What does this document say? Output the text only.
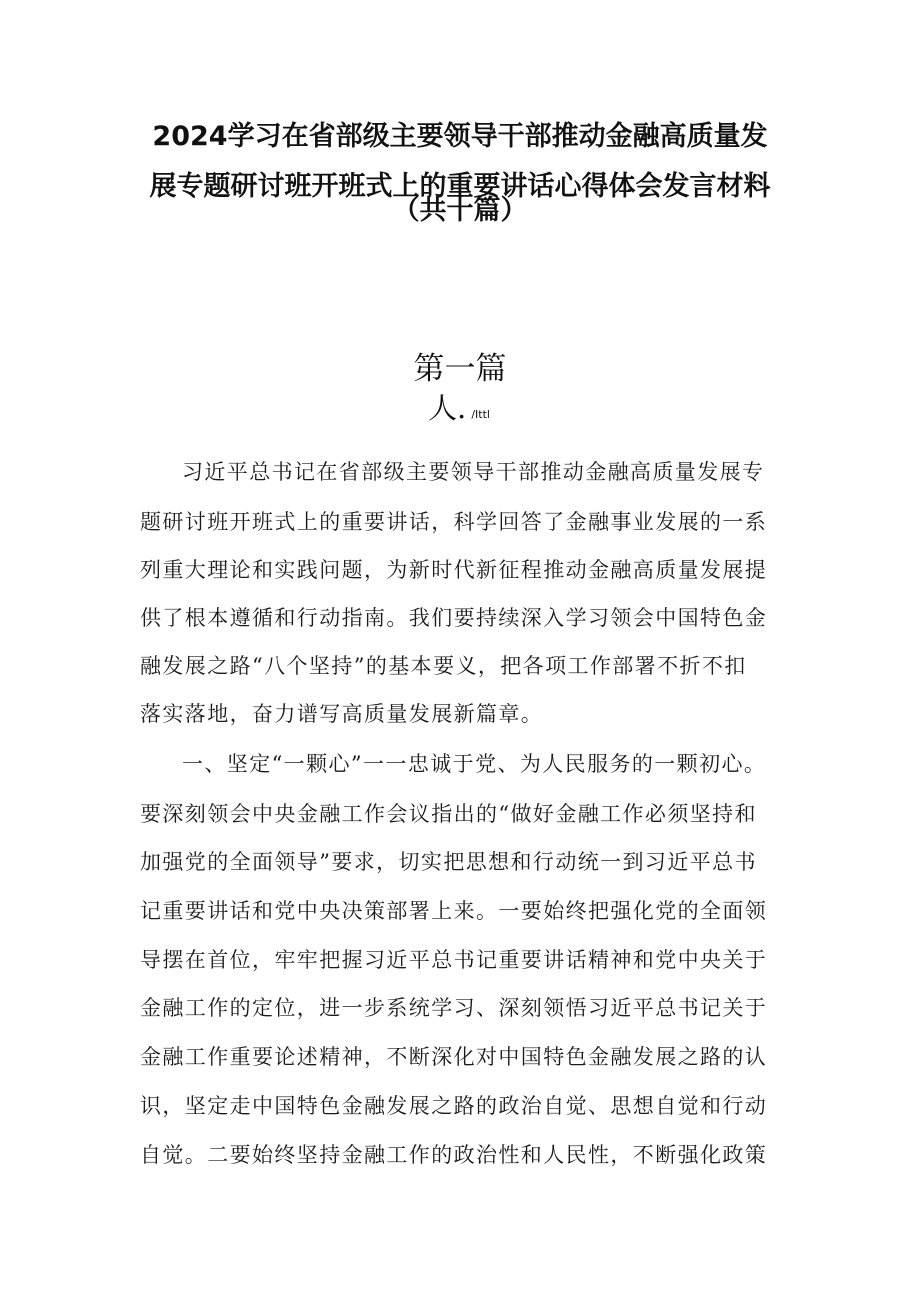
2024学习在省部级主要领导干部推动金融高质量发
展专题研讨班开班式上的重要讲话心得体会发言材料
（共十篇）
第一篇
人. /Ittl
习近平总书记在省部级主要领导干部推动金融高质量发展专
题研讨班开班式上的重要讲话，科学回答了金融事业发展的一系
列重大理论和实践问题，为新时代新征程推动金融高质量发展提
供了根本遵循和行动指南。我们要持续深入学习领会中国特色金
融发展之路“八个坚持”的基本要义，把各项工作部署不折不扣
落实落地，奋力谱写高质量发展新篇章。
一、坚定“一颗心”一一忠诚于党、为人民服务的一颗初心。
要深刻领会中央金融工作会议指出的“做好金融工作必须坚持和
加强党的全面领导”要求，切实把思想和行动统一到习近平总书
记重要讲话和党中央决策部署上来。一要始终把强化党的全面领
导摆在首位，牢牢把握习近平总书记重要讲话精神和党中央关于
金融工作的定位，进一步系统学习、深刻领悟习近平总书记关于
金融工作重要论述精神，不断深化对中国特色金融发展之路的认
识，坚定走中国特色金融发展之路的政治自觉、思想自觉和行动
自觉。二要始终坚持金融工作的政治性和人民性，不断强化政策
